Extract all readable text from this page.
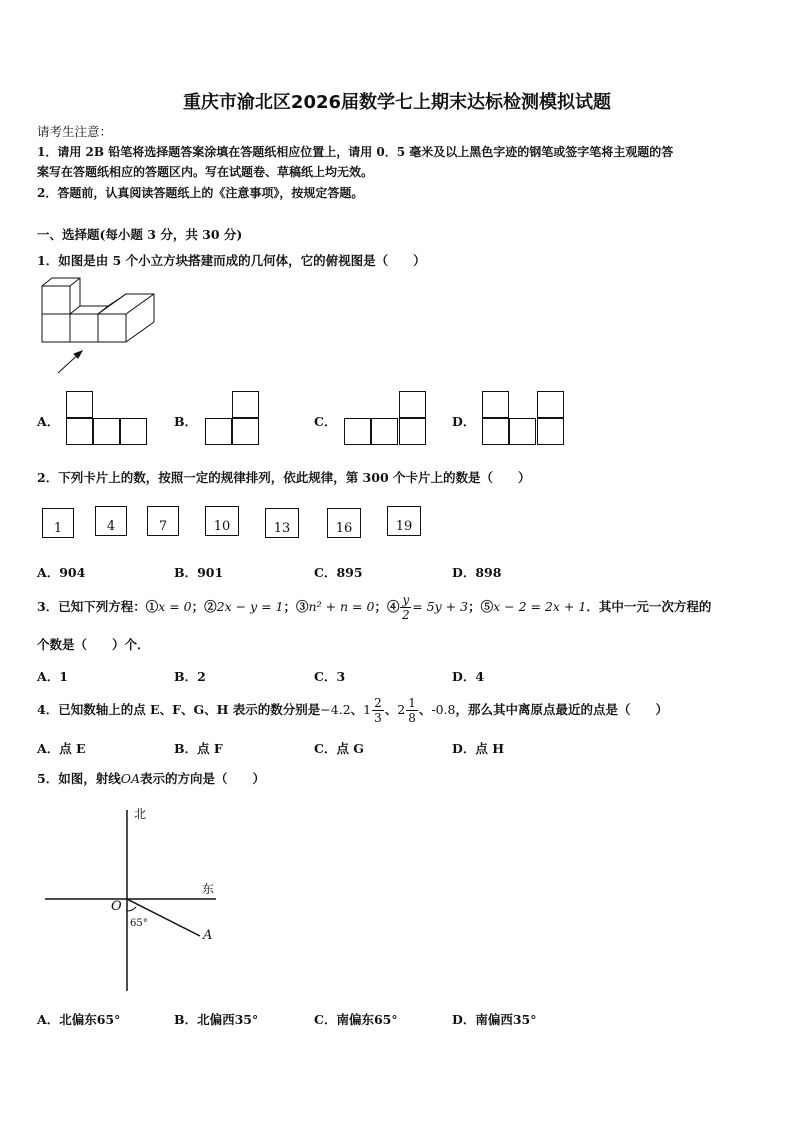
重庆市渝北区2026届数学七上期末达标检测模拟试题
请考生注意：
1．请用 2B 铅笔将选择题答案涂填在答题纸相应位置上，请用 0．5 毫米及以上黑色字迹的钢笔或签字笔将主观题的答
案写在答题纸相应的答题区内。写在试题卷、草稿纸上均无效。
2．答题前，认真阅读答题纸上的《注意事项》，按规定答题。
一、选择题(每小题 3 分，共 30 分)
1．如图是由 5 个小立方块搭建而成的几何体，它的俯视图是（　　）
A．	B．	C．	D．
2．下列卡片上的数，按照一定的规律排列，依此规律，第 300 个卡片上的数是（　　）
1	4	7	10	13	16	19
A．904	B．901	C．895	D．898
3．已知下列方程：①x = 0；②2x − y = 1；③n² + n = 0；④ $\frac{y}{2} = 5y + 3$；⑤x − 2 = 2x + 1．其中一元一次方程的
个数是（　　）个．
A．1	B．2	C．3	D．4
4．已知数轴上的点 E、F、G、H 表示的数分别是−4.2、$1 \frac{2}{3}$ 、$2 \frac{1}{8}$ 、-0.8，那么其中离原点最近的点是（　　）
A．点 E	B．点 F	C．点 G	D．点 H
5．如图，射线OA表示的方向是（　　）
北
东
O
A
65°
A．北偏东65°	B．北偏西35°	C．南偏东65°	D．南偏西35°
